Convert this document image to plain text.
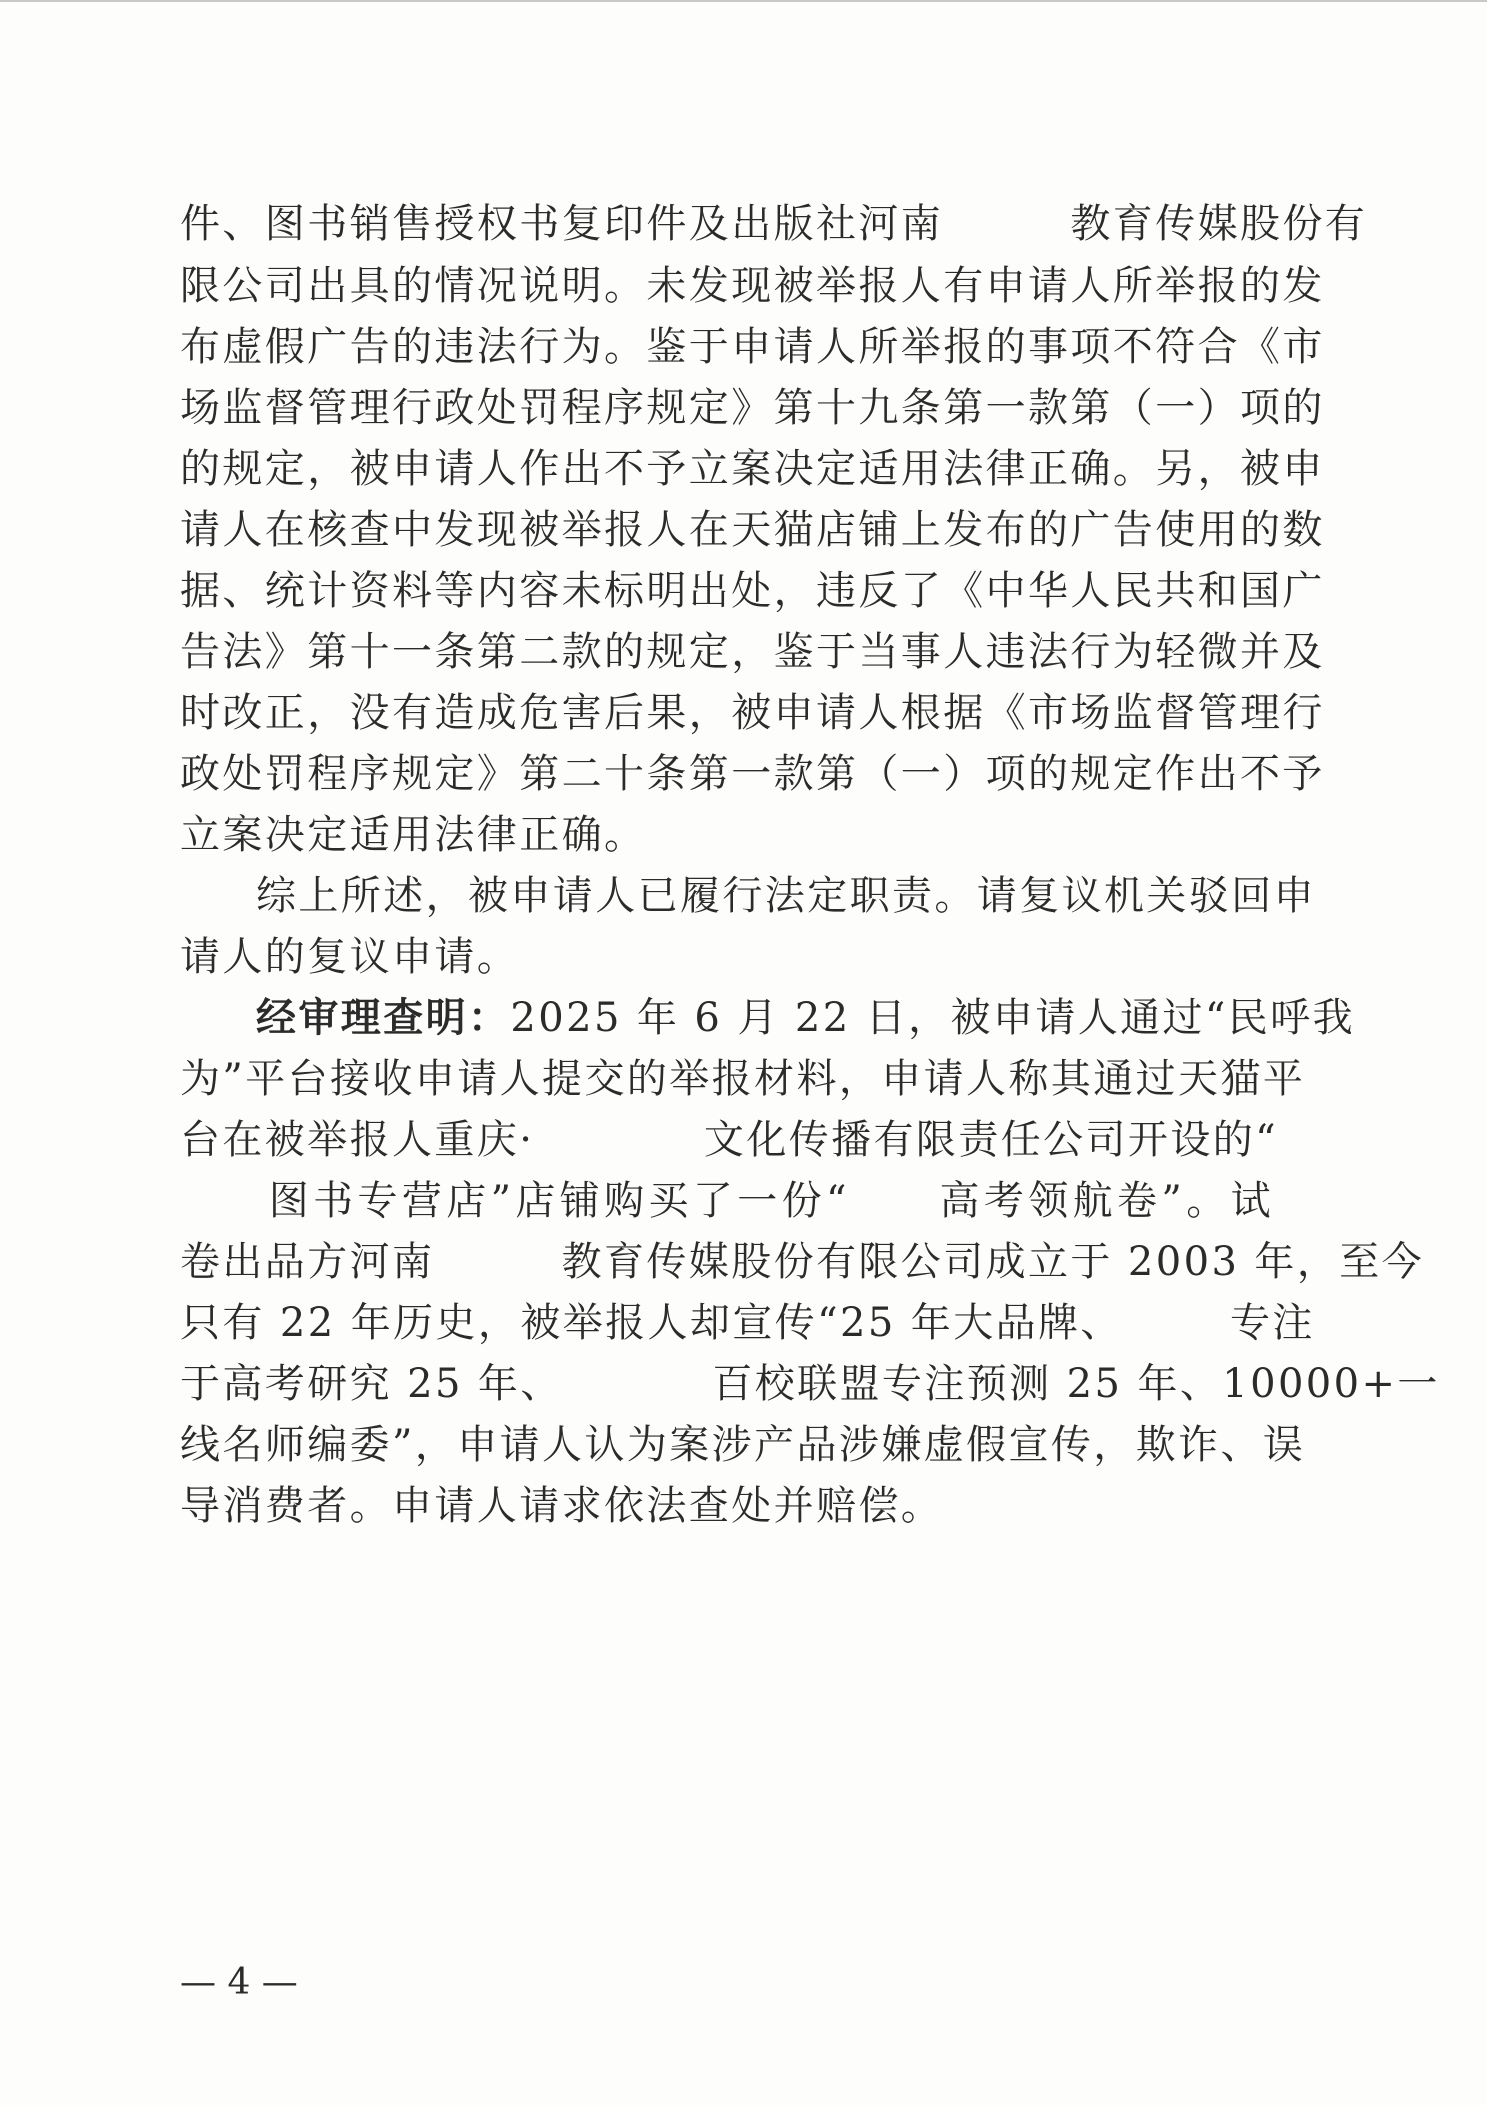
件、图书销售授权书复印件及出版社河南　　　教育传媒股份有
限公司出具的情况说明。未发现被举报人有申请人所举报的发
布虚假广告的违法行为。鉴于申请人所举报的事项不符合《市
场监督管理行政处罚程序规定》第十九条第一款第（一）项的
的规定，被申请人作出不予立案决定适用法律正确。另，被申
请人在核查中发现被举报人在天猫店铺上发布的广告使用的数
据、统计资料等内容未标明出处，违反了《中华人民共和国广
告法》第十一条第二款的规定，鉴于当事人违法行为轻微并及
时改正，没有造成危害后果，被申请人根据《市场监督管理行
政处罚程序规定》第二十条第一款第（一）项的规定作出不予
立案决定适用法律正确。
综上所述，被申请人已履行法定职责。请复议机关驳回申
请人的复议申请。
经审理查明：2025 年 6 月 22 日，被申请人通过“民呼我
为”平台接收申请人提交的举报材料，申请人称其通过天猫平
台在被举报人重庆·　　　　文化传播有限责任公司开设的“
　　图书专营店”店铺购买了一份“　　高考领航卷”。试
卷出品方河南　　　教育传媒股份有限公司成立于 2003 年，至今
只有 22 年历史，被举报人却宣传“25 年大品牌、　　　专注
于高考研究 25 年、　　　　百校联盟专注预测 25 年、10000+一
线名师编委”，申请人认为案涉产品涉嫌虚假宣传，欺诈、误
导消费者。申请人请求依法查处并赔偿。
— 4 —
